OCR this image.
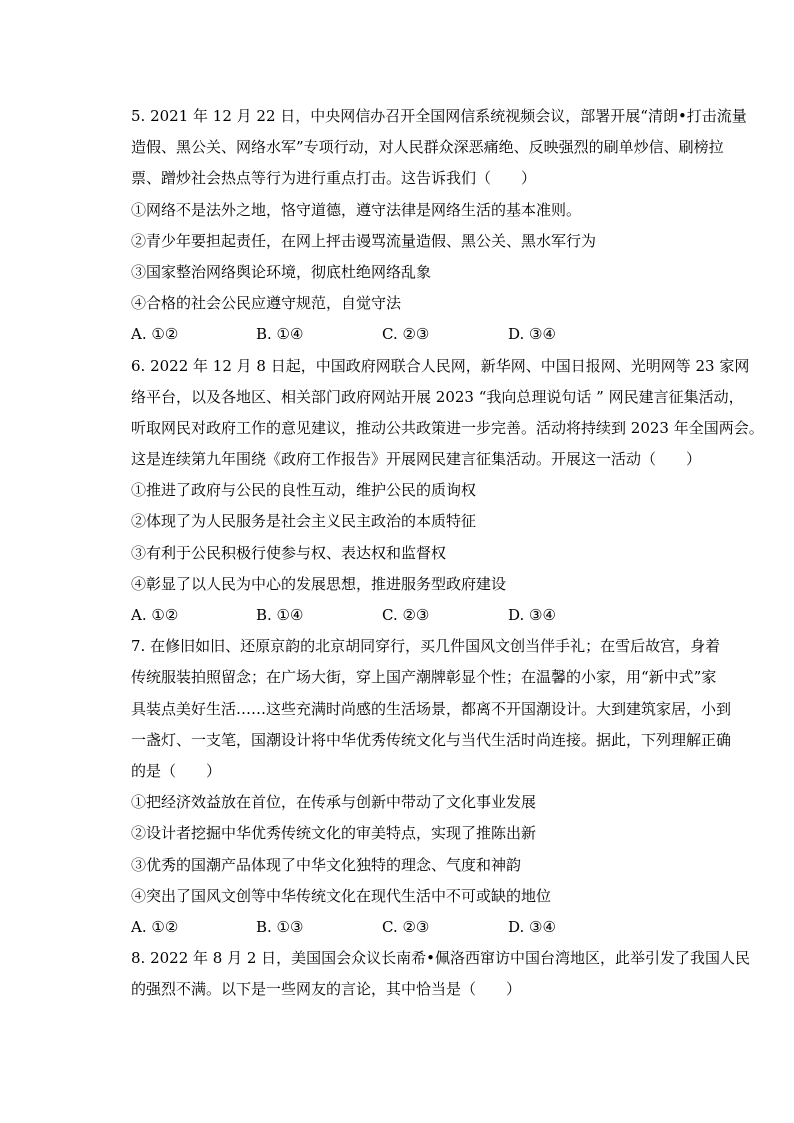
5. 2021 年 12 月 22 日，中央网信办召开全国网信系统视频会议，部署开展“清朗•打击流量
造假、黑公关、网络水军”专项行动，对人民群众深恶痛绝、反映强烈的刷单炒信、刷榜拉
票、蹭炒社会热点等行为进行重点打击。这告诉我们（　　）
①网络不是法外之地，恪守道德，遵守法律是网络生活的基本准则。
②青少年要担起责任，在网上抨击谩骂流量造假、黑公关、黑水军行为
③国家整治网络舆论环境，彻底杜绝网络乱象
④合格的社会公民应遵守规范，自觉守法
A. ①②	B. ①④	C. ②③	D. ③④
6. 2022 年 12 月 8 日起，中国政府网联合人民网，新华网、中国日报网、光明网等 23 家网
络平台，以及各地区、相关部门政府网站开展 2023 “我向总理说句话 ” 网民建言征集活动，
听取网民对政府工作的意见建议，推动公共政策进一步完善。活动将持续到 2023 年全国两会。
这是连续第九年围绕《政府工作报告》开展网民建言征集活动。开展这一活动（　　）
①推进了政府与公民的良性互动，维护公民的质询权
②体现了为人民服务是社会主义民主政治的本质特征
③有利于公民积极行使参与权、表达权和监督权
④彰显了以人民为中心的发展思想，推进服务型政府建设
A. ①②	B. ①④	C. ②③	D. ③④
7. 在修旧如旧、还原京韵的北京胡同穿行，买几件国风文创当伴手礼；在雪后故宫，身着
传统服装拍照留念；在广场大街，穿上国产潮牌彰显个性；在温馨的小家，用“新中式”家
具装点美好生活……这些充满时尚感的生活场景，都离不开国潮设计。大到建筑家居，小到
一盏灯、一支笔，国潮设计将中华优秀传统文化与当代生活时尚连接。据此，下列理解正确
的是（　　）
①把经济效益放在首位，在传承与创新中带动了文化事业发展
②设计者挖掘中华优秀传统文化的审美特点，实现了推陈出新
③优秀的国潮产品体现了中华文化独特的理念、气度和神韵
④突出了国风文创等中华传统文化在现代生活中不可或缺的地位
A. ①②	B. ①③	C. ②③	D. ③④
8. 2022 年 8 月 2 日，美国国会众议长南希•佩洛西窜访中国台湾地区，此举引发了我国人民
的强烈不满。以下是一些网友的言论，其中恰当是（　　）
